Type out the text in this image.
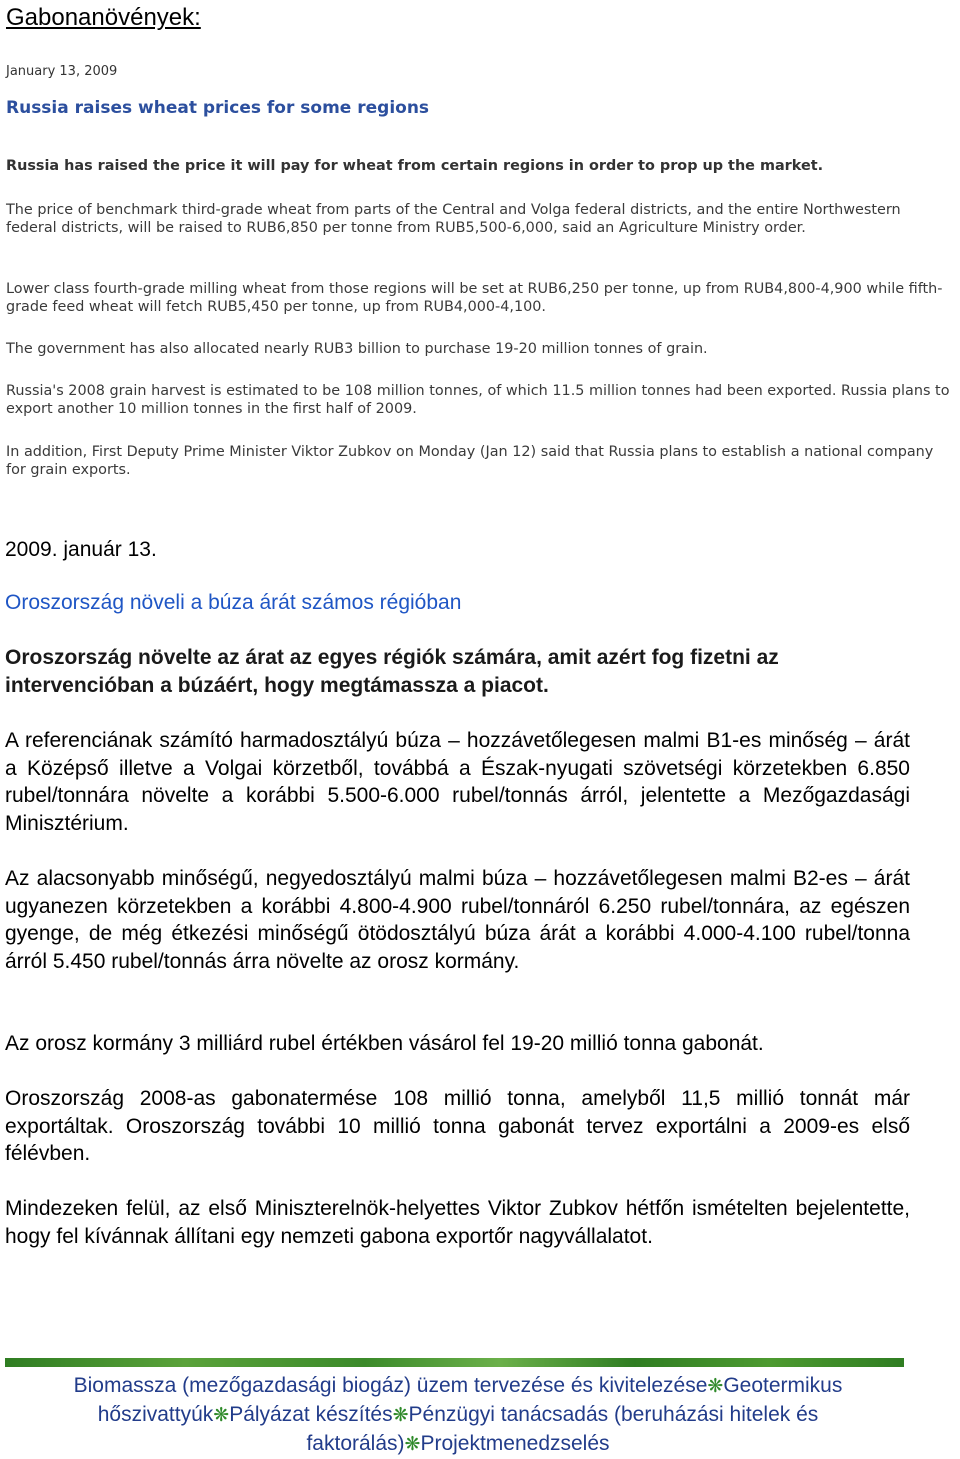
Gabonanövények:
January 13, 2009
Russia raises wheat prices for some regions
Russia has raised the price it will pay for wheat from certain regions in order to prop up the market.
The price of benchmark third-grade wheat from parts of the Central and Volga federal districts, and the entire Northwestern federal districts, will be raised to RUB6,850 per tonne from RUB5,500-6,000, said an Agriculture Ministry order.
Lower class fourth-grade milling wheat from those regions will be set at RUB6,250 per tonne, up from RUB4,800-4,900 while fifth-grade feed wheat will fetch RUB5,450 per tonne, up from RUB4,000-4,100.
The government has also allocated nearly RUB3 billion to purchase 19-20 million tonnes of grain.
Russia's 2008 grain harvest is estimated to be 108 million tonnes, of which 11.5 million tonnes had been exported. Russia plans to export another 10 million tonnes in the first half of 2009.
In addition, First Deputy Prime Minister Viktor Zubkov on Monday (Jan 12) said that Russia plans to establish a national company for grain exports.
2009. január 13.
Oroszország növeli a búza árát számos régióban
Oroszország növelte az árat az egyes régiók számára, amit azért fog fizetni az intervencióban a búzáért, hogy megtámassza a piacot.
A referenciának számító harmadosztályú búza – hozzávetőlegesen malmi B1-es minőség – árát a Középső illetve a Volgai körzetből, továbbá a Észak-nyugati szövetségi körzetekben 6.850 rubel/tonnára növelte a korábbi 5.500-6.000 rubel/tonnás árról, jelentette a Mezőgazdasági Minisztérium.
Az alacsonyabb minőségű, negyedosztályú malmi búza – hozzávetőlegesen malmi B2-es – árát ugyanezen körzetekben a korábbi 4.800-4.900 rubel/tonnáról 6.250 rubel/tonnára, az egészen gyenge, de még étkezési minőségű ötödosztályú búza árát a korábbi 4.000-4.100 rubel/tonna árról 5.450 rubel/tonnás árra növelte az orosz kormány.
Az orosz kormány 3 milliárd rubel értékben vásárol fel 19-20 millió tonna gabonát.
Oroszország 2008-as gabonatermése 108 millió tonna, amelyből 11,5 millió tonnát már exportáltak. Oroszország további 10 millió tonna gabonát tervez exportálni a 2009-es első félévben.
Mindezeken felül, az első Miniszterelnök-helyettes Viktor Zubkov hétfőn ismételten bejelentette, hogy fel kívánnak állítani egy nemzeti gabona exportőr nagyvállalatot.
Biomassza (mezőgazdasági biogáz) üzem tervezése és kivitelezése❋Geotermikus hőszivattyúk❋Pályázat készítés❋Pénzügyi tanácsadás (beruházási hitelek és faktorálás)❋Projektmenedzselés
